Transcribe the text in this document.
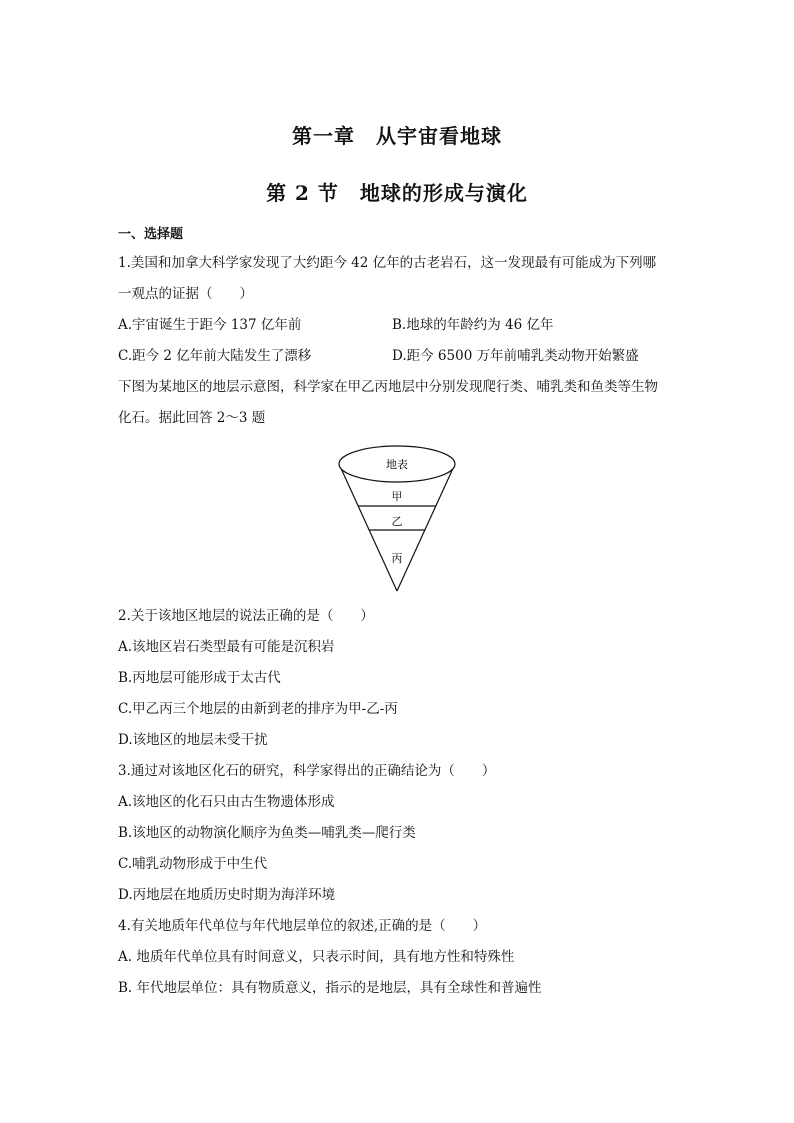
第一章　从宇宙看地球
第 2 节　地球的形成与演化
一、选择题
1.美国和加拿大科学家发现了大约距今 42 亿年的古老岩石，这一发现最有可能成为下列哪
一观点的证据（　　）
A.宇宙诞生于距今 137 亿年前	B.地球的年龄约为 46 亿年
C.距今 2 亿年前大陆发生了漂移	D.距今 6500 万年前哺乳类动物开始繁盛
下图为某地区的地层示意图，科学家在甲乙丙地层中分别发现爬行类、哺乳类和鱼类等生物
化石。据此回答 2～3 题
地表
甲
乙
丙
2.关于该地区地层的说法正确的是（　　）
A.该地区岩石类型最有可能是沉积岩
B.丙地层可能形成于太古代
C.甲乙丙三个地层的由新到老的排序为甲-乙-丙
D.该地区的地层未受干扰
3.通过对该地区化石的研究，科学家得出的正确结论为（　　）
A.该地区的化石只由古生物遗体形成
B.该地区的动物演化顺序为鱼类—哺乳类—爬行类
C.哺乳动物形成于中生代
D.丙地层在地质历史时期为海洋环境
4.有关地质年代单位与年代地层单位的叙述,正确的是（　　）
A. 地质年代单位具有时间意义，只表示时间，具有地方性和特殊性
B. 年代地层单位：具有物质意义，指示的是地层，具有全球性和普遍性
